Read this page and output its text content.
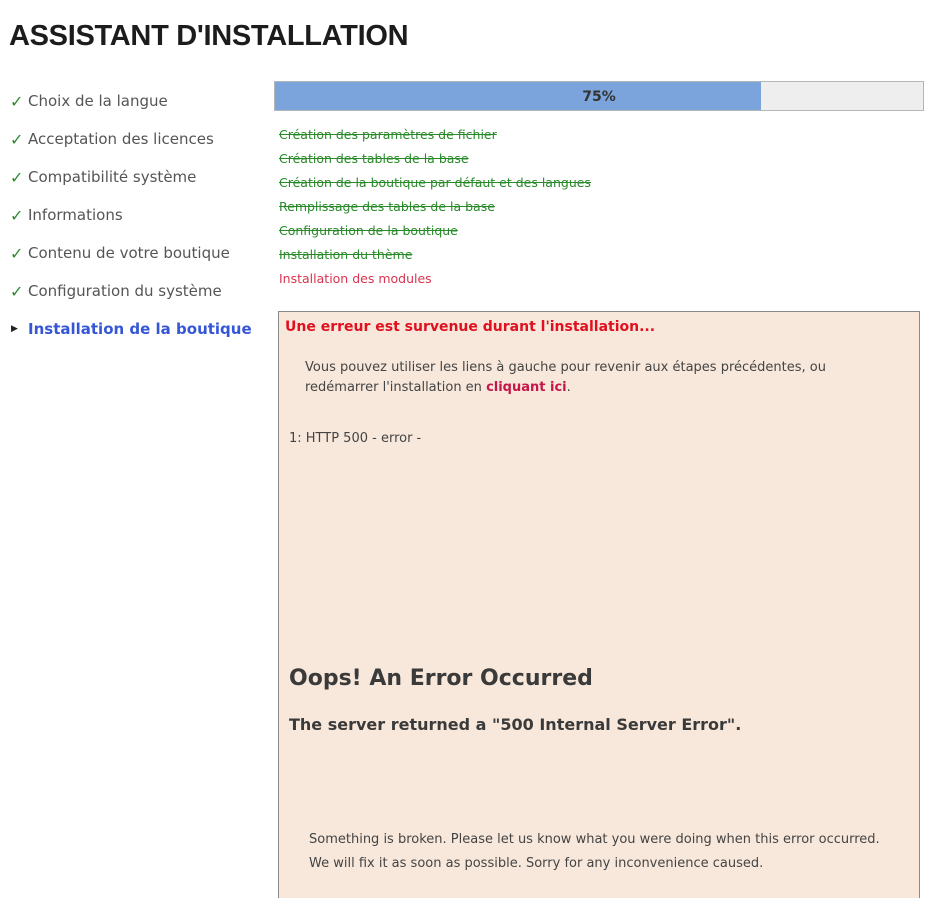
ASSISTANT D'INSTALLATION
✓ Choix de la langue
✓ Acceptation des licences
✓ Compatibilité système
✓ Informations
✓ Contenu de votre boutique
✓ Configuration du système
▶ Installation de la boutique
75%
Création des paramètres de fichier
Création des tables de la base
Création de la boutique par défaut et des langues
Remplissage des tables de la base
Configuration de la boutique
Installation du thème
Installation des modules
Une erreur est survenue durant l'installation...
Vous pouvez utiliser les liens à gauche pour revenir aux étapes précédentes, ou redémarrer l'installation en cliquant ici.
1: HTTP 500 - error -
Oops! An Error Occurred
The server returned a "500 Internal Server Error".

Something is broken. Please let us know what you were doing when this error occurred.

We will fix it as soon as possible. Sorry for any inconvenience caused.
